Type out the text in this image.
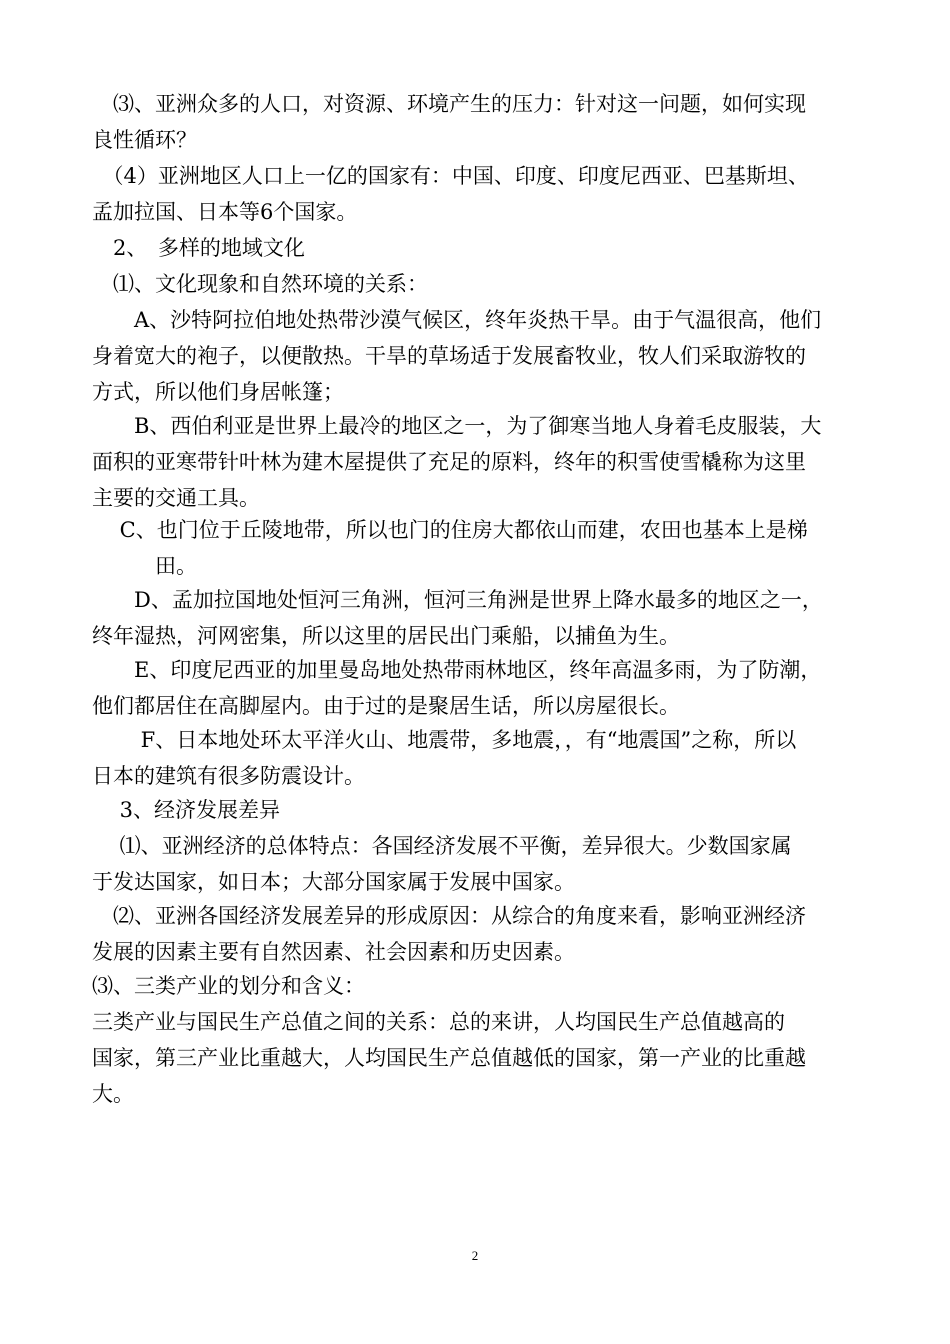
　⑶、亚洲众多的人口，对资源、环境产生的压力：针对这一问题，如何实现
良性循环？

　（4）亚洲地区人口上一亿的国家有：中国、印度、印度尼西亚、巴基斯坦、
孟加拉国、日本等6个国家。

　2、　多样的地域文化

　⑴、文化现象和自然环境的关系：

　　A、沙特阿拉伯地处热带沙漠气候区，终年炎热干旱。由于气温很高，他们
身着宽大的袍子，以便散热。干旱的草场适于发展畜牧业，牧人们采取游牧的
方式，所以他们身居帐篷；

　　B、西伯利亚是世界上最冷的地区之一，为了御寒当地人身着毛皮服装，大
面积的亚寒带针叶林为建木屋提供了充足的原料，终年的积雪使雪橇称为这里
主要的交通工具。

　 C、也门位于丘陵地带，所以也门的住房大都依山而建，农田也基本上是梯
　　　田。

　　D、孟加拉国地处恒河三角洲，恒河三角洲是世界上降水最多的地区之一，
终年湿热，河网密集，所以这里的居民出门乘船，以捕鱼为生。

　　E、印度尼西亚的加里曼岛地处热带雨林地区，终年高温多雨，为了防潮，
他们都居住在高脚屋内。由于过的是聚居生话，所以房屋很长。

　　 F、日本地处环太平洋火山、地震带，多地震，，有“地震国”之称，所以
日本的建筑有很多防震设计。

　 3、经济发展差异

　 ⑴、亚洲经济的总体特点：各国经济发展不平衡，差异很大。少数国家属
于发达国家，如日本；大部分国家属于发展中国家。

　⑵、亚洲各国经济发展差异的形成原因：从综合的角度来看，影响亚洲经济
发展的因素主要有自然因素、社会因素和历史因素。

⑶、三类产业的划分和含义：

三类产业与国民生产总值之间的关系：总的来讲，人均国民生产总值越高的
国家，第三产业比重越大，人均国民生产总值越低的国家，第一产业的比重越
大。

2
